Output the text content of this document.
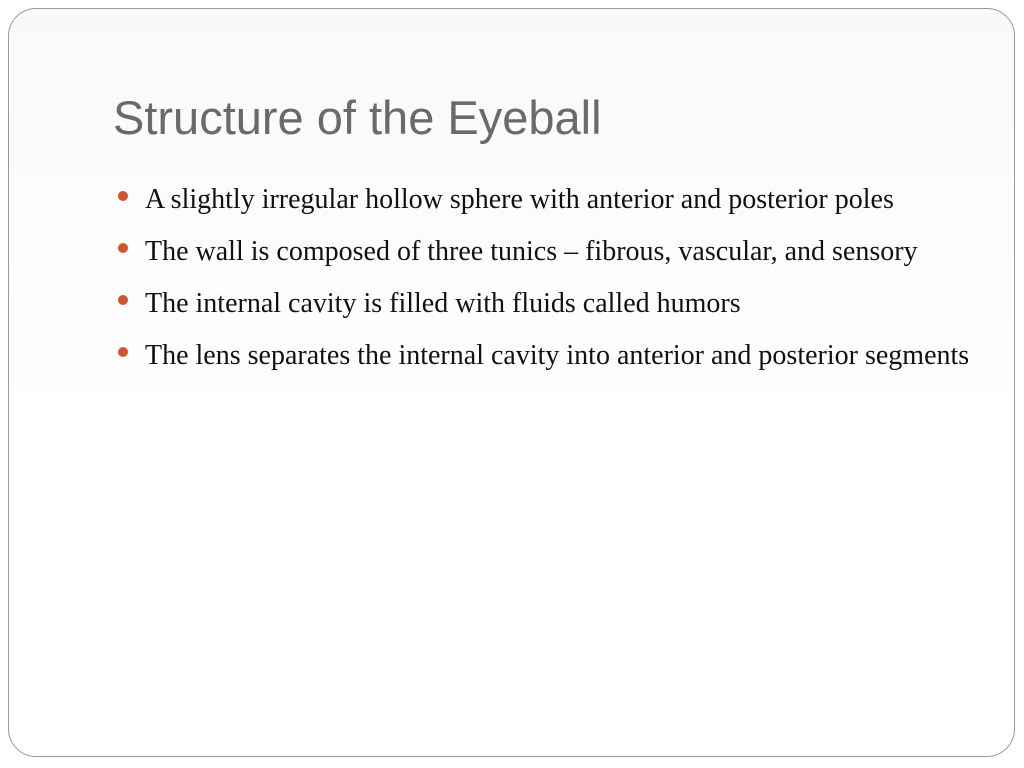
Structure of the Eyeball
A slightly irregular hollow sphere with anterior and posterior poles
The wall is composed of three tunics – fibrous, vascular, and sensory
The internal cavity is filled with fluids called humors
The lens separates the internal cavity into anterior and posterior segments
